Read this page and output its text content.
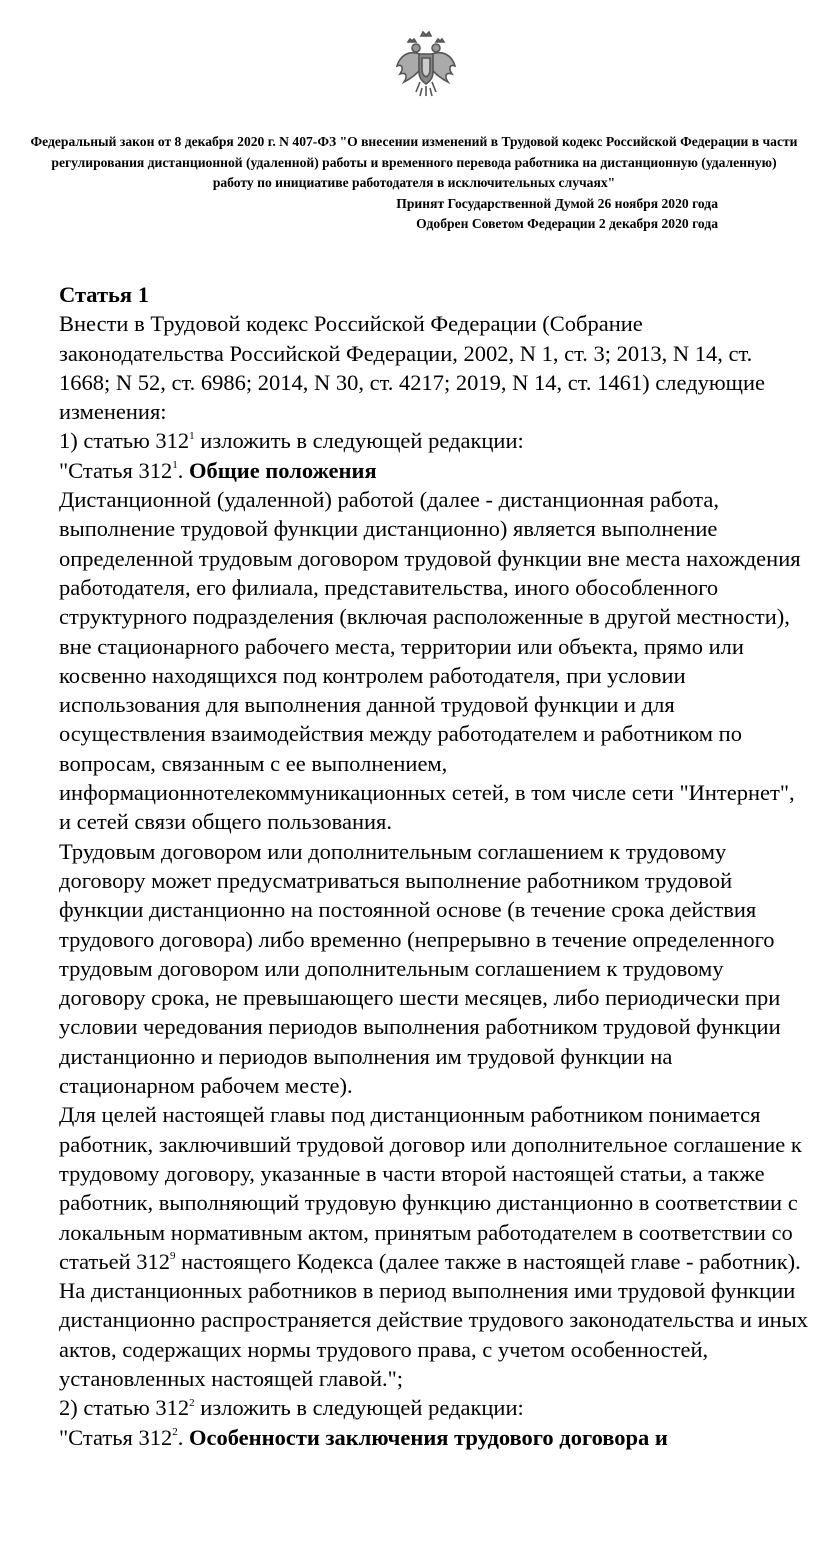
Федеральный закон от 8 декабря 2020 г. N 407-ФЗ "О внесении изменений в Трудовой кодекс Российской Федерации в части регулирования дистанционной (удаленной) работы и временного перевода работника на дистанционную (удаленную) работу по инициативе работодателя в исключительных случаях"
Принят Государственной Думой 26 ноября 2020 года
Одобрен Советом Федерации 2 декабря 2020 года

Статья 1

Внести в Трудовой кодекс Российской Федерации (Собрание законодательства Российской Федерации, 2002, N 1, ст. 3; 2013, N 14, ст. 1668; N 52, ст. 6986; 2014, N 30, ст. 4217; 2019, N 14, ст. 1461) следующие изменения:

1) статью $312^1$ изложить в следующей редакции:

"Статья $312^1$. Общие положения

Дистанционной (удаленной) работой (далее - дистанционная работа, выполнение трудовой функции дистанционно) является выполнение определенной трудовым договором трудовой функции вне места нахождения работодателя, его филиала, представительства, иного обособленного структурного подразделения (включая расположенные в другой местности), вне стационарного рабочего места, территории или объекта, прямо или косвенно находящихся под контролем работодателя, при условии использования для выполнения данной трудовой функции и для осуществления взаимодействия между работодателем и работником по вопросам, связанным с ее выполнением, информационнотелекоммуникационных сетей, в том числе сети "Интернет", и сетей связи общего пользования.

Трудовым договором или дополнительным соглашением к трудовому договору может предусматриваться выполнение работником трудовой функции дистанционно на постоянной основе (в течение срока действия трудового договора) либо временно (непрерывно в течение определенного трудовым договором или дополнительным соглашением к трудовому договору срока, не превышающего шести месяцев, либо периодически при условии чередования периодов выполнения работником трудовой функции дистанционно и периодов выполнения им трудовой функции на стационарном рабочем месте).

Для целей настоящей главы под дистанционным работником понимается работник, заключивший трудовой договор или дополнительное соглашение к трудовому договору, указанные в части второй настоящей статьи, а также работник, выполняющий трудовую функцию дистанционно в соответствии с локальным нормативным актом, принятым работодателем в соответствии со статьей $312^9$ настоящего Кодекса (далее также в настоящей главе - работник).

На дистанционных работников в период выполнения ими трудовой функции дистанционно распространяется действие трудового законодательства и иных актов, содержащих нормы трудового права, с учетом особенностей, установленных настоящей главой.";

2) статью $312^2$ изложить в следующей редакции:

"Статья $312^2$. Особенности заключения трудового договора и
